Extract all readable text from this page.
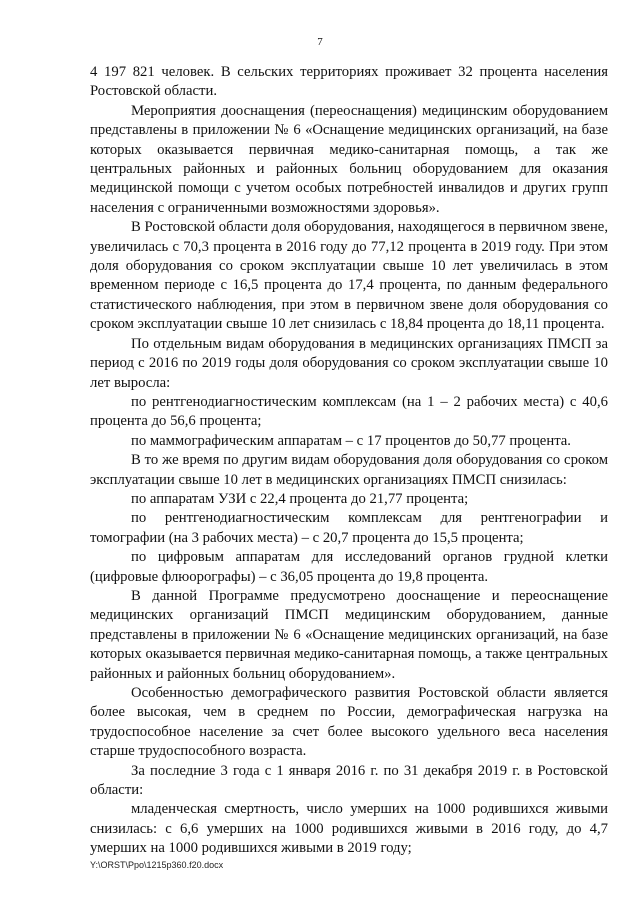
7

4 197 821 человек. В сельских территориях проживает 32 процента населения Ростовской области.

Мероприятия дооснащения (переоснащения) медицинским оборудованием представлены в приложении № 6 «Оснащение медицинских организаций, на базе которых оказывается первичная медико-санитарная помощь, а так же центральных районных и районных больниц оборудованием для оказания медицинской помощи с учетом особых потребностей инвалидов и других групп населения с ограниченными возможностями здоровья».

В Ростовской области доля оборудования, находящегося в первичном звене, увеличилась с 70,3 процента в 2016 году до 77,12 процента в 2019 году. При этом доля оборудования со сроком эксплуатации свыше 10 лет увеличилась в этом временном периоде с 16,5 процента до 17,4 процента, по данным федерального статистического наблюдения, при этом в первичном звене доля оборудования со сроком эксплуатации свыше 10 лет снизилась с 18,84 процента до 18,11 процента.

По отдельным видам оборудования в медицинских организациях ПМСП за период с 2016 по 2019 годы доля оборудования со сроком эксплуатации свыше 10 лет выросла:

по рентгенодиагностическим комплексам (на 1 – 2 рабочих места) с 40,6 процента до 56,6 процента;

по маммографическим аппаратам – с 17 процентов до 50,77 процента.

В то же время по другим видам оборудования доля оборудования со сроком эксплуатации свыше 10 лет в медицинских организациях ПМСП снизилась:

по аппаратам УЗИ с 22,4 процента до 21,77 процента;

по рентгенодиагностическим комплексам для рентгенографии и томографии (на 3 рабочих места) – с 20,7 процента до 15,5 процента;

по цифровым аппаратам для исследований органов грудной клетки (цифровые флюорографы) – с 36,05 процента до 19,8 процента.

В данной Программе предусмотрено дооснащение и переоснащение медицинских организаций ПМСП медицинским оборудованием, данные представлены в приложении № 6 «Оснащение медицинских организаций, на базе которых оказывается первичная медико-санитарная помощь, а также центральных районных и районных больниц оборудованием».

Особенностью демографического развития Ростовской области является более высокая, чем в среднем по России, демографическая нагрузка на трудоспособное население за счет более высокого удельного веса населения старше трудоспособного возраста.

За последние 3 года с 1 января 2016 г. по 31 декабря 2019 г. в Ростовской области:

младенческая смертность, число умерших на 1000 родившихся живыми снизилась: с 6,6 умерших на 1000 родившихся живыми в 2016 году, до 4,7 умерших на 1000 родившихся живыми в 2019 году;

Y:\ORST\Ppo\1215p360.f20.docx
